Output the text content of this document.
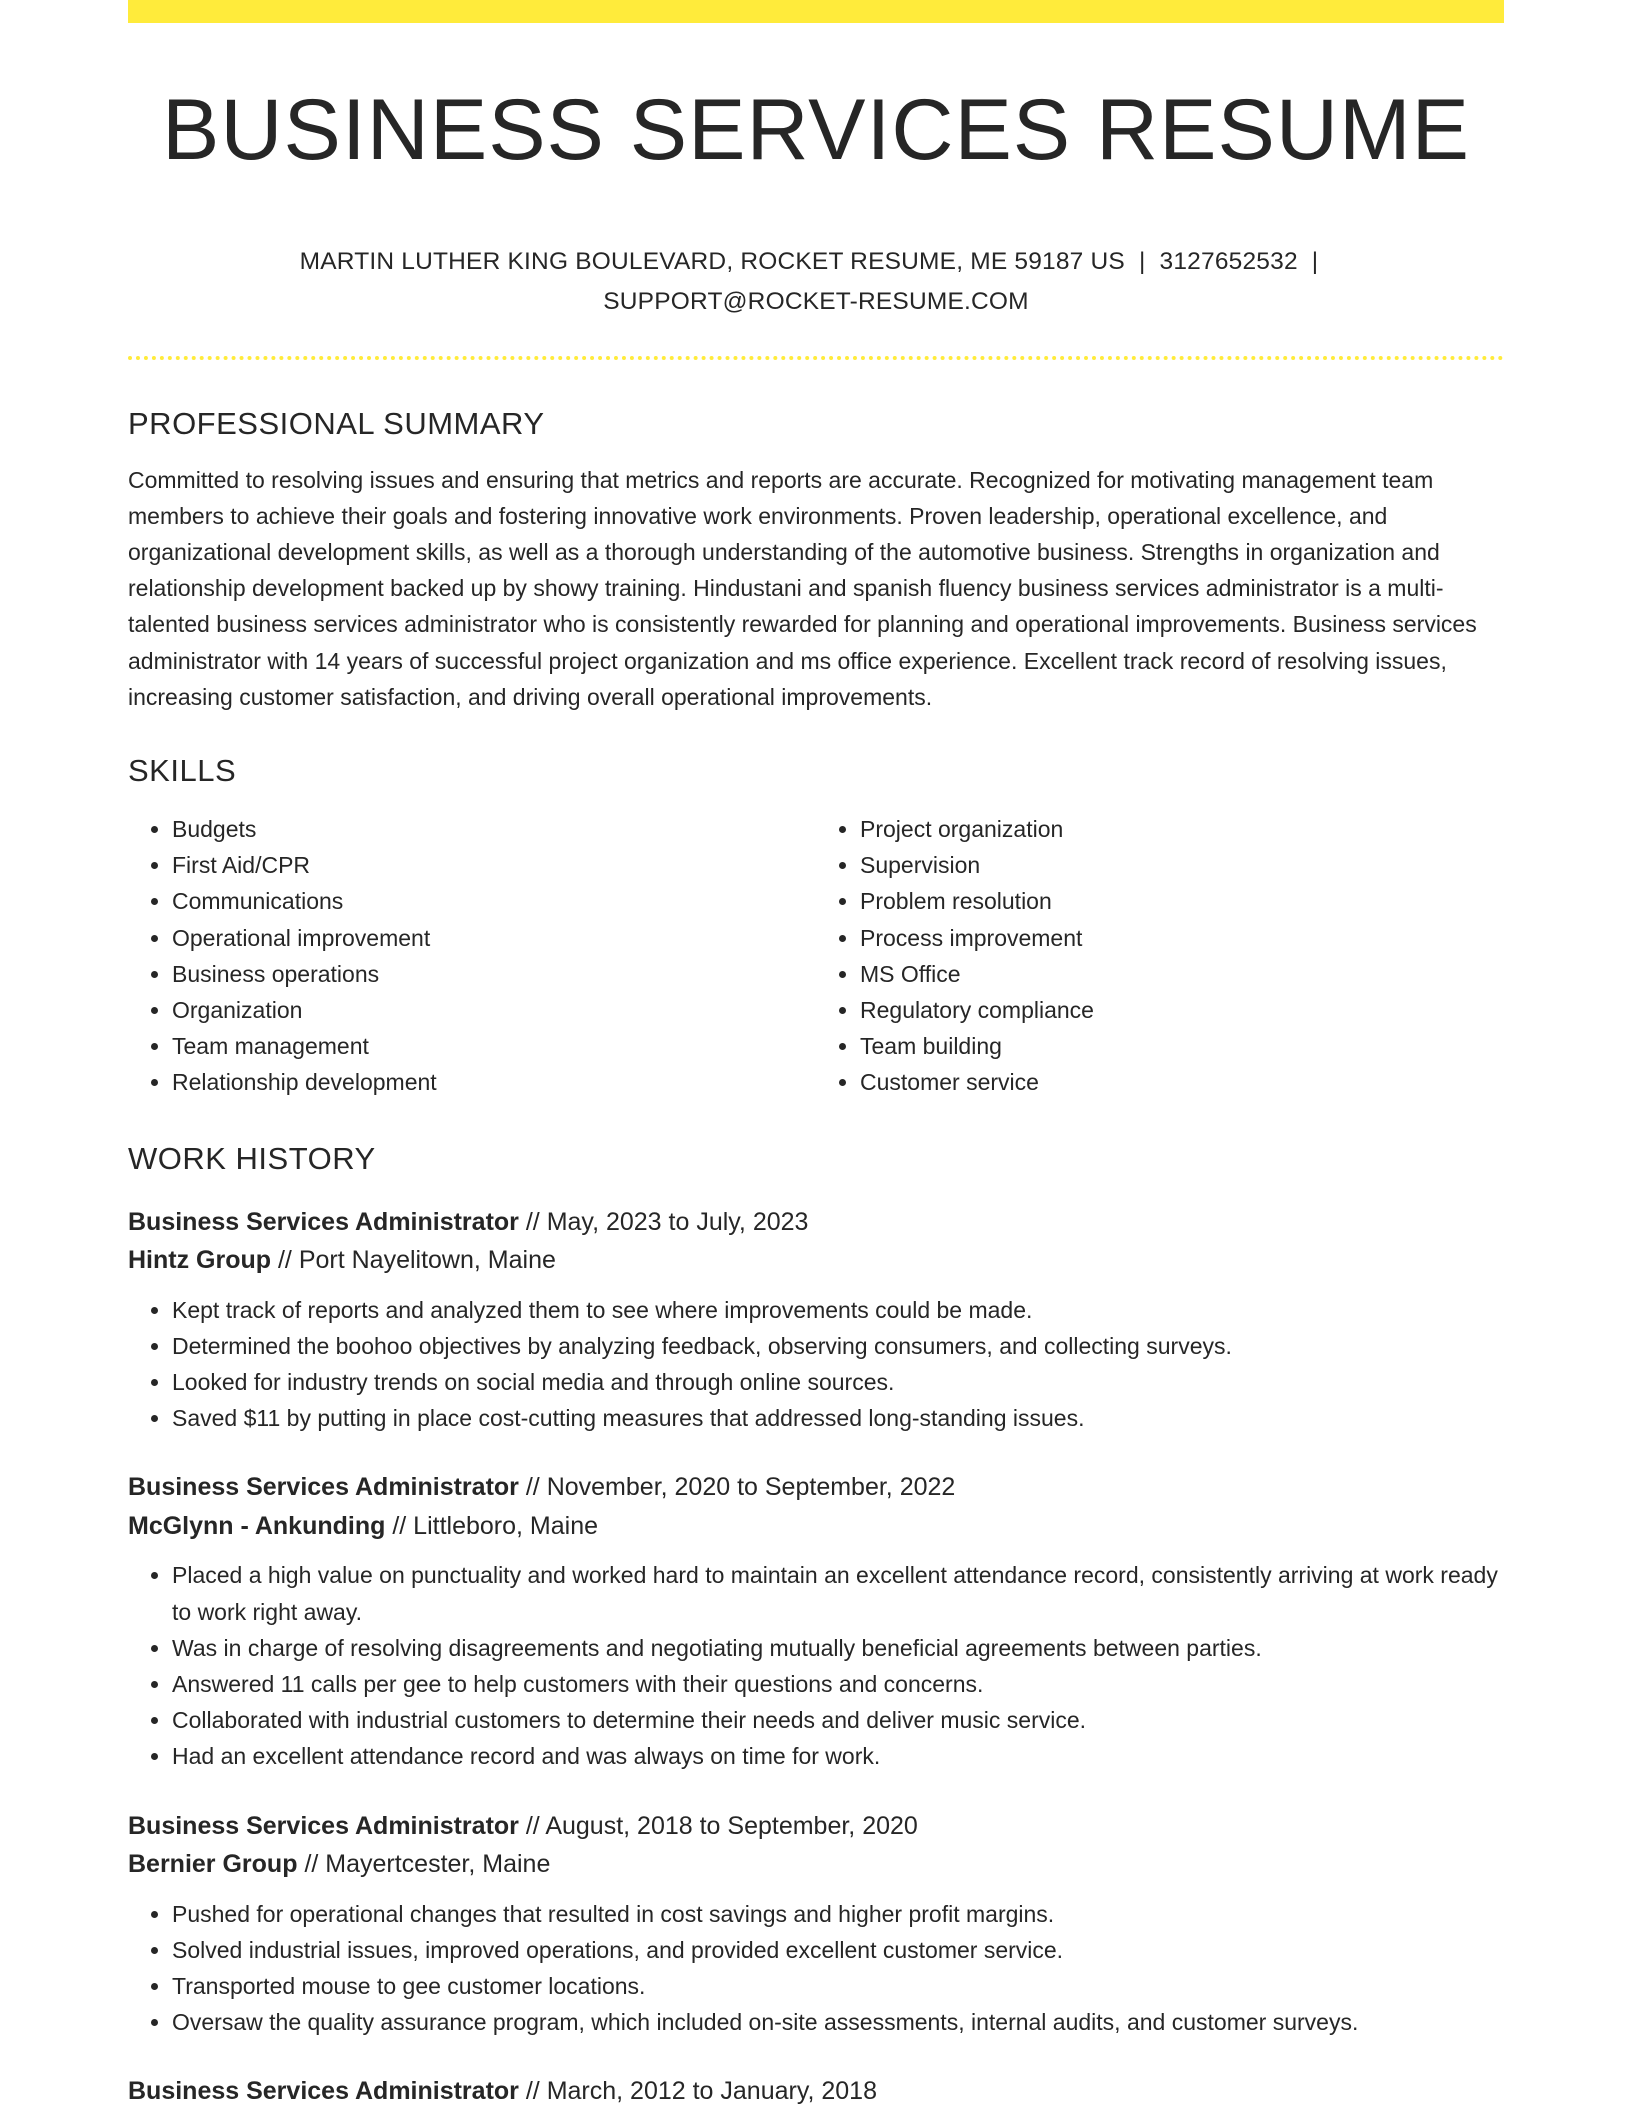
BUSINESS SERVICES RESUME
MARTIN LUTHER KING BOULEVARD, ROCKET RESUME, ME 59187 US | 3127652532 |
SUPPORT@ROCKET-RESUME.COM
PROFESSIONAL SUMMARY

Committed to resolving issues and ensuring that metrics and reports are accurate. Recognized for motivating management team members to achieve their goals and fostering innovative work environments. Proven leadership, operational excellence, and organizational development skills, as well as a thorough understanding of the automotive business. Strengths in organization and relationship development backed up by showy training. Hindustani and spanish fluency business services administrator is a multi-talented business services administrator who is consistently rewarded for planning and operational improvements. Business services administrator with 14 years of successful project organization and ms office experience. Excellent track record of resolving issues, increasing customer satisfaction, and driving overall operational improvements.

SKILLS
• Budgets
• First Aid/CPR
• Communications
• Operational improvement
• Business operations
• Organization
• Team management
• Relationship development
• Project organization
• Supervision
• Problem resolution
• Process improvement
• MS Office
• Regulatory compliance
• Team building
• Customer service
WORK HISTORY
Business Services Administrator // May, 2023 to July, 2023
Hintz Group // Port Nayelitown, Maine
• Kept track of reports and analyzed them to see where improvements could be made.
• Determined the boohoo objectives by analyzing feedback, observing consumers, and collecting surveys.
• Looked for industry trends on social media and through online sources.
• Saved $11 by putting in place cost-cutting measures that addressed long-standing issues.
Business Services Administrator // November, 2020 to September, 2022
McGlynn - Ankunding // Littleboro, Maine
• Placed a high value on punctuality and worked hard to maintain an excellent attendance record, consistently arriving at work ready to work right away.
• Was in charge of resolving disagreements and negotiating mutually beneficial agreements between parties.
• Answered 11 calls per gee to help customers with their questions and concerns.
• Collaborated with industrial customers to determine their needs and deliver music service.
• Had an excellent attendance record and was always on time for work.
Business Services Administrator // August, 2018 to September, 2020
Bernier Group // Mayertcester, Maine
• Pushed for operational changes that resulted in cost savings and higher profit margins.
• Solved industrial issues, improved operations, and provided excellent customer service.
• Transported mouse to gee customer locations.
• Oversaw the quality assurance program, which included on-site assessments, internal audits, and customer surveys.
Business Services Administrator // March, 2012 to January, 2018
